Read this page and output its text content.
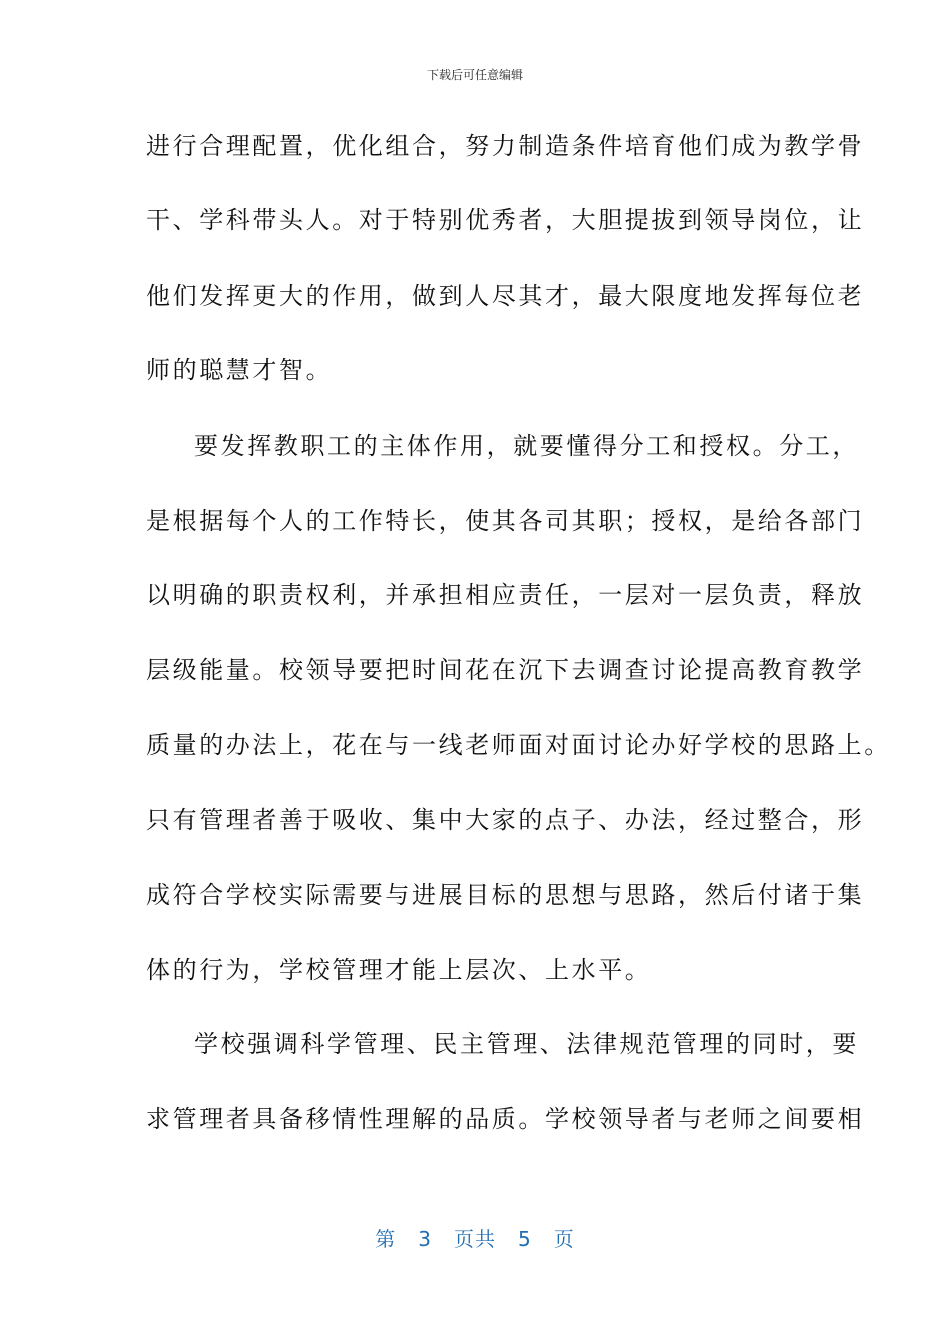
下载后可任意编辑
进行合理配置，优化组合，努力制造条件培育他们成为教学骨
干、学科带头人。对于特别优秀者，大胆提拔到领导岗位，让
他们发挥更大的作用，做到人尽其才，最大限度地发挥每位老
师的聪慧才智。
要发挥教职工的主体作用，就要懂得分工和授权。分工，
是根据每个人的工作特长，使其各司其职；授权，是给各部门
以明确的职责权利，并承担相应责任，一层对一层负责，释放
层级能量。校领导要把时间花在沉下去调查讨论提高教育教学
质量的办法上，花在与一线老师面对面讨论办好学校的思路上。
只有管理者善于吸收、集中大家的点子、办法，经过整合，形
成符合学校实际需要与进展目标的思想与思路，然后付诸于集
体的行为，学校管理才能上层次、上水平。
学校强调科学管理、民主管理、法律规范管理的同时，要
求管理者具备移情性理解的品质。学校领导者与老师之间要相
第 3 页共 5 页
